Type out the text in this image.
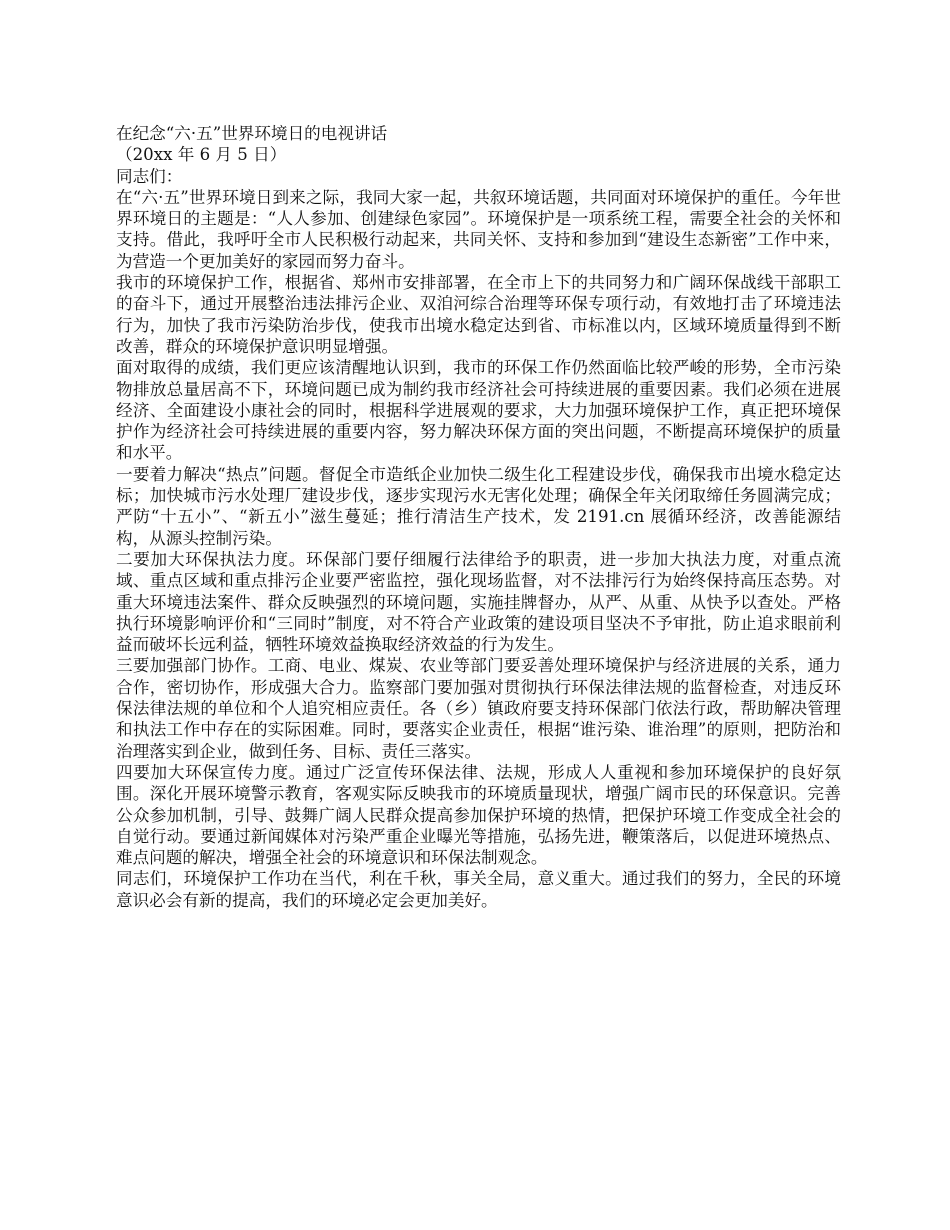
在纪念“六·五”世界环境日的电视讲话
（20xx 年 6 月 5 日）
同志们：
在“六·五”世界环境日到来之际，我同大家一起，共叙环境话题，共同面对环境保护的重任。今年世界环境日的主题是：“人人参加、创建绿色家园”。环境保护是一项系统工程，需要全社会的关怀和支持。借此，我呼吁全市人民积极行动起来，共同关怀、支持和参加到“建设生态新密”工作中来，为营造一个更加美好的家园而努力奋斗。
我市的环境保护工作，根据省、郑州市安排部署，在全市上下的共同努力和广阔环保战线干部职工的奋斗下，通过开展整治违法排污企业、双洎河综合治理等环保专项行动，有效地打击了环境违法行为，加快了我市污染防治步伐，使我市出境水稳定达到省、市标准以内，区域环境质量得到不断改善，群众的环境保护意识明显增强。
面对取得的成绩，我们更应该清醒地认识到，我市的环保工作仍然面临比较严峻的形势，全市污染物排放总量居高不下，环境问题已成为制约我市经济社会可持续进展的重要因素。我们必须在进展经济、全面建设小康社会的同时，根据科学进展观的要求，大力加强环境保护工作，真正把环境保护作为经济社会可持续进展的重要内容，努力解决环保方面的突出问题，不断提高环境保护的质量和水平。
一要着力解决“热点”问题。督促全市造纸企业加快二级生化工程建设步伐，确保我市出境水稳定达标；加快城市污水处理厂建设步伐，逐步实现污水无害化处理；确保全年关闭取缔任务圆满完成；严防“十五小”、“新五小”滋生蔓延；推行清洁生产技术，发 2191.cn 展循环经济，改善能源结构，从源头控制污染。
二要加大环保执法力度。环保部门要仔细履行法律给予的职责，进一步加大执法力度，对重点流域、重点区域和重点排污企业要严密监控，强化现场监督，对不法排污行为始终保持高压态势。对重大环境违法案件、群众反映强烈的环境问题，实施挂牌督办，从严、从重、从快予以查处。严格执行环境影响评价和“三同时”制度，对不符合产业政策的建设项目坚决不予审批，防止追求眼前利益而破坏长远利益，牺牲环境效益换取经济效益的行为发生。
三要加强部门协作。工商、电业、煤炭、农业等部门要妥善处理环境保护与经济进展的关系，通力合作，密切协作，形成强大合力。监察部门要加强对贯彻执行环保法律法规的监督检查，对违反环保法律法规的单位和个人追究相应责任。各（乡）镇政府要支持环保部门依法行政，帮助解决管理和执法工作中存在的实际困难。同时，要落实企业责任，根据“谁污染、谁治理”的原则，把防治和治理落实到企业，做到任务、目标、责任三落实。
四要加大环保宣传力度。通过广泛宣传环保法律、法规，形成人人重视和参加环境保护的良好氛围。深化开展环境警示教育，客观实际反映我市的环境质量现状，增强广阔市民的环保意识。完善公众参加机制，引导、鼓舞广阔人民群众提高参加保护环境的热情，把保护环境工作变成全社会的自觉行动。要通过新闻媒体对污染严重企业曝光等措施，弘扬先进，鞭策落后，以促进环境热点、难点问题的解决，增强全社会的环境意识和环保法制观念。
同志们，环境保护工作功在当代，利在千秋，事关全局，意义重大。通过我们的努力，全民的环境意识必会有新的提高，我们的环境必定会更加美好。
